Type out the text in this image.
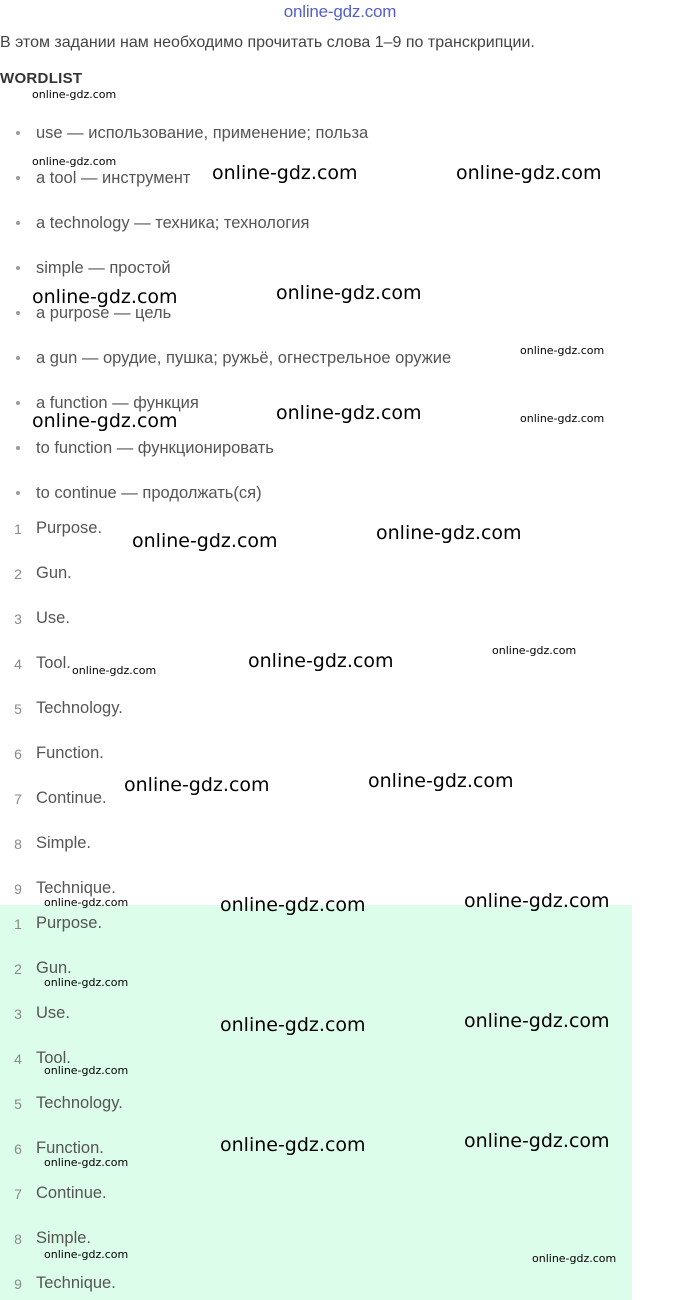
online-gdz.com
В этом задании нам необходимо прочитать слова 1–9 по транскрипции.
WORDLIST
use — использование, применение; польза
a tool — инструмент
a technology — техника; технология
simple — простой
a purpose — цель
a gun — орудие, пушка; ружьё, огнестрельное оружие
a function — функция
to function — функционировать
to continue — продолжать(ся)
1 Purpose.
2 Gun.
3 Use.
4 Tool.
5 Technology.
6 Function.
7 Continue.
8 Simple.
9 Technique.
1 Purpose.
2 Gun.
3 Use.
4 Tool.
5 Technology.
6 Function.
7 Continue.
8 Simple.
9 Technique.
online-gdz.com
online-gdz.com
online-gdz.com	online-gdz.com
online-gdz.com	online-gdz.com
online-gdz.com
online-gdz.com	online-gdz.com	online-gdz.com
online-gdz.com	online-gdz.com
online-gdz.com
online-gdz.com
online-gdz.com
online-gdz.com	online-gdz.com
online-gdz.com	online-gdz.com	online-gdz.com
online-gdz.com
online-gdz.com	online-gdz.com
online-gdz.com
online-gdz.com	online-gdz.com
online-gdz.com
online-gdz.com	online-gdz.com
